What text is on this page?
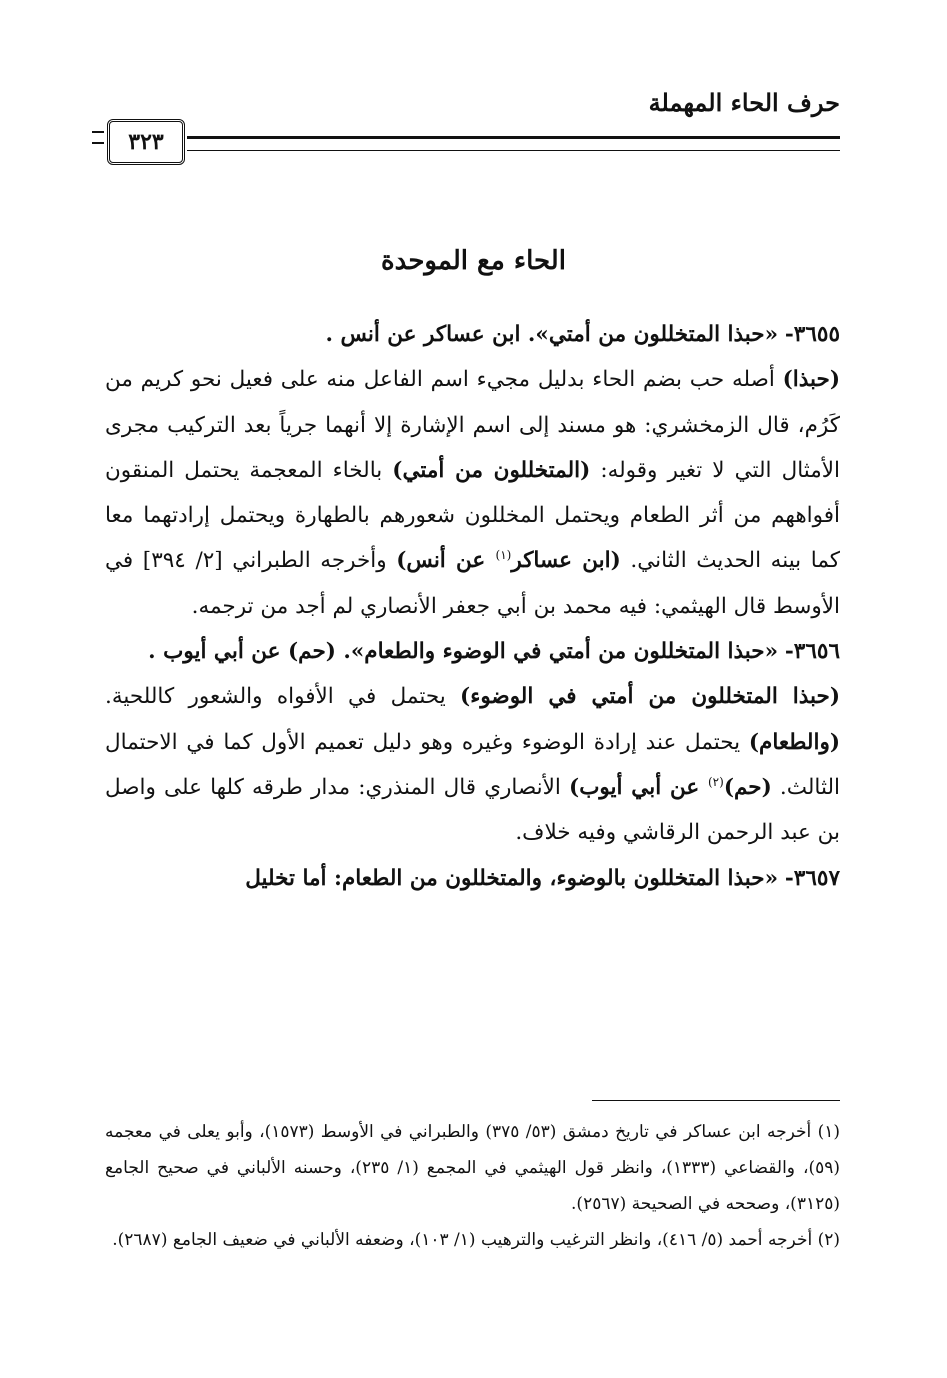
حرف الحاء المهملة
٣٢٣
الحاء مع الموحدة

٣٦٥٥- «حبذا المتخللون من أمتي». ابن عساكر عن أنس .

(حبذا) أصله حب بضم الحاء بدليل مجيء اسم الفاعل منه على فعيل نحو كريم من كَرُم، قال الزمخشري: هو مسند إلى اسم الإشارة إلا أنهما جرياً بعد التركيب مجرى الأمثال التي لا تغير وقوله: (المتخللون من أمتي) بالخاء المعجمة يحتمل المنقون أفواههم من أثر الطعام ويحتمل المخللون شعورهم بالطهارة ويحتمل إرادتهما معا كما بينه الحديث الثاني. (ابن عساكر$^{(١)}$ عن أنس) وأخرجه الطبراني [٢/ ٣٩٤] في الأوسط قال الهيثمي: فيه محمد بن أبي جعفر الأنصاري لم أجد من ترجمه.

٣٦٥٦- «حبذا المتخللون من أمتي في الوضوء والطعام». (حم) عن أبي أيوب .

(حبذا المتخللون من أمتي في الوضوء) يحتمل في الأفواه والشعور كاللحية. (والطعام) يحتمل عند إرادة الوضوء وغيره وهو دليل تعميم الأول كما في الاحتمال الثالث. (حم)$^{(٢)}$ عن أبي أيوب) الأنصاري قال المنذري: مدار طرقه كلها على واصل بن عبد الرحمن الرقاشي وفيه خلاف.

٣٦٥٧- «حبذا المتخللون بالوضوء، والمتخللون من الطعام: أما تخليل

(١) أخرجه ابن عساكر في تاريخ دمشق (٥٣/ ٣٧٥) والطبراني في الأوسط (١٥٧٣)، وأبو يعلى في معجمه (٥٩)، والقضاعي (١٣٣٣)، وانظر قول الهيثمي في المجمع (١/ ٢٣٥)، وحسنه الألباني في صحيح الجامع (٣١٢٥)، وصححه في الصحيحة (٢٥٦٧).

(٢) أخرجه أحمد (٥/ ٤١٦)، وانظر الترغيب والترهيب (١/ ١٠٣)، وضعفه الألباني في ضعيف الجامع (٢٦٨٧).
